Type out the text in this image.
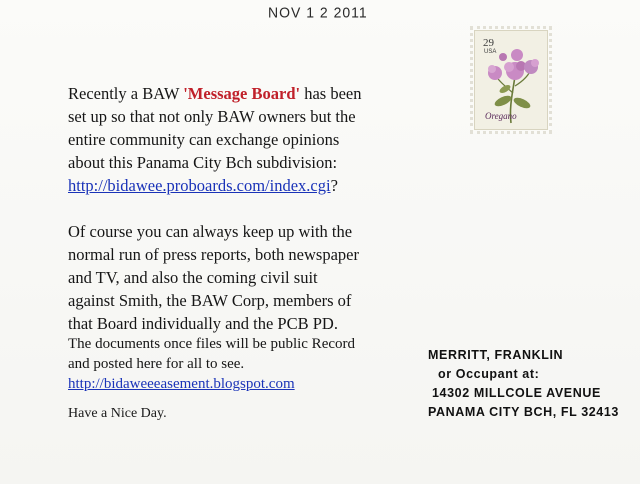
NOV 1 2 2011
29
USA
Oregano
Recently a BAW 'Message Board' has been set up so that not only BAW owners but the entire community can exchange opinions about this Panama City Bch subdivision: http://bidawee.proboards.com/index.cgi?
Of course you can always keep up with the normal run of press reports, both newspaper and TV, and also the coming civil suit against Smith, the BAW Corp, members of that Board individually and the PCB PD.
The documents once files will be public Record and posted here for all to see.
http://bidaweeeasement.blogspot.com
Have a Nice Day.
MERRITT, FRANKLIN
or Occupant at:
14302 MILLCOLE AVENUE
PANAMA CITY BCH, FL 32413
